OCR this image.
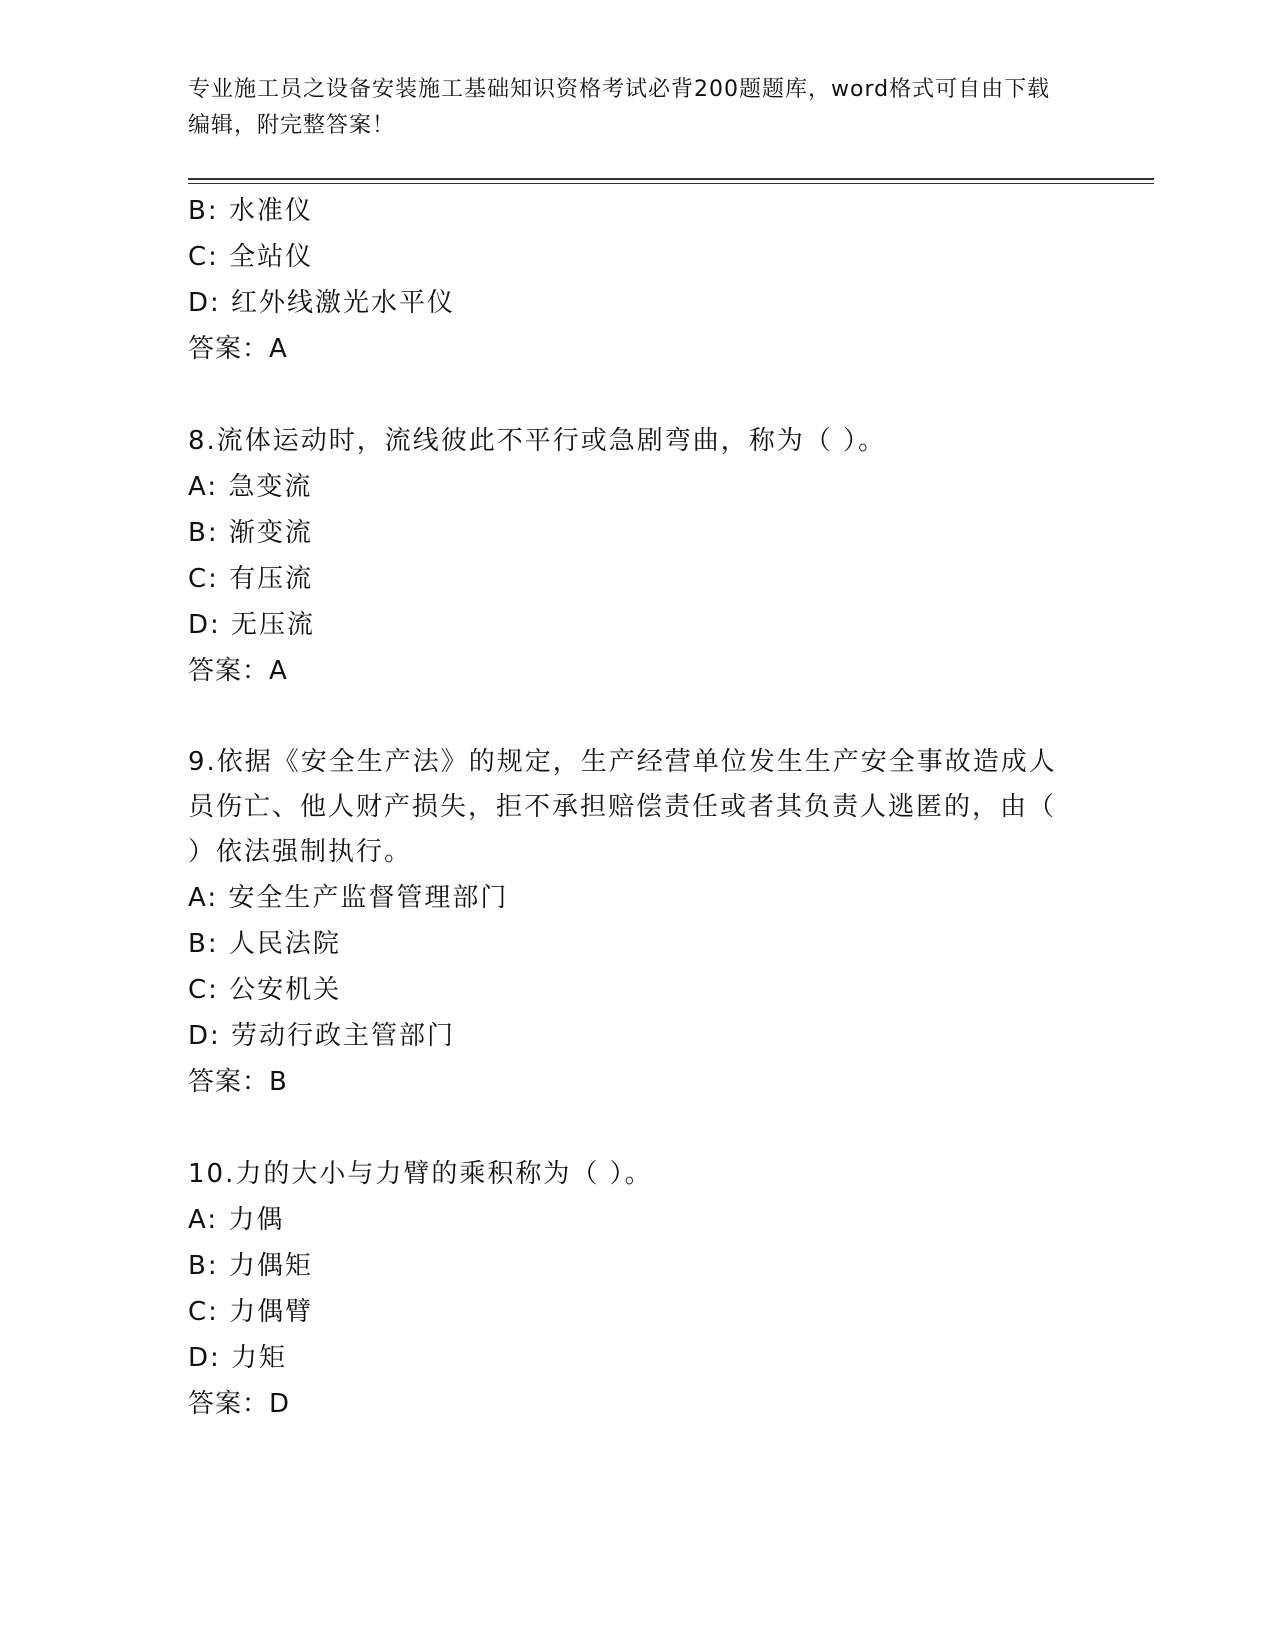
专业施工员之设备安装施工基础知识资格考试必背200题题库，word格式可自由下载编辑，附完整答案！
B: 水准仪
C: 全站仪
D: 红外线激光水平仪
答案：A
8.流体运动时，流线彼此不平行或急剧弯曲，称为（ ）。
A: 急变流
B: 渐变流
C: 有压流
D: 无压流
答案：A
9.依据《安全生产法》的规定，生产经营单位发生生产安全事故造成人员伤亡、他人财产损失，拒不承担赔偿责任或者其负责人逃匿的，由（ ）依法强制执行。
A: 安全生产监督管理部门
B: 人民法院
C: 公安机关
D: 劳动行政主管部门
答案：B
10.力的大小与力臂的乘积称为（ ）。
A: 力偶
B: 力偶矩
C: 力偶臂
D: 力矩
答案：D
